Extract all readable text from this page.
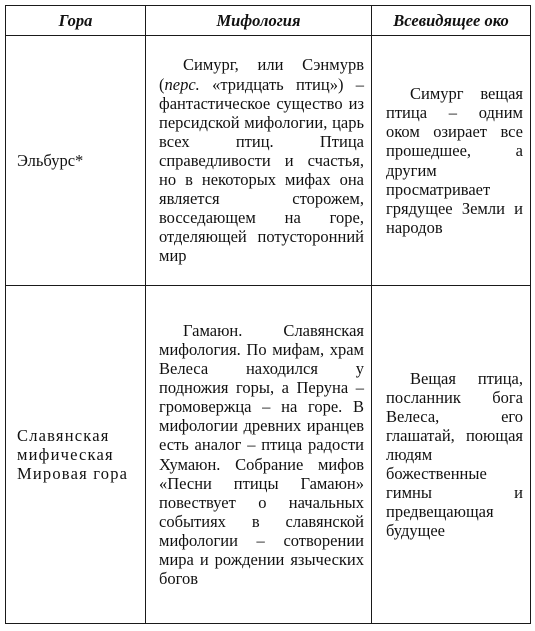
Гора	Мифология	Всевидящее око
Эльбурс*	Симург, или Сэнмурв (перс. «тридцать птиц») – фантастическое существо из персидской мифологии, царь всех птиц. Птица справедливости и счастья, но в некоторых мифах она является сторожем, восседающем на горе, отделяющей потусторонний мир	Симург вещая птица – одним оком озирает все прошедшее, а другим просматривает грядущее Земли и народов
Славянская мифическая Мировая гора	Гамаюн. Славянская мифология. По мифам, храм Велеса находился у подножия горы, а Перуна – громовержца – на горе. В мифологии древних иранцев есть аналог – птица радости Хумаюн. Собрание мифов «Песни птицы Гамаюн» повествует о начальных событиях в славянской мифологии – сотворении мира и рождении языческих богов	Вещая птица, посланник бога Велеса, его глашатай, поющая людям божественные гимны и предвещающая будущее
